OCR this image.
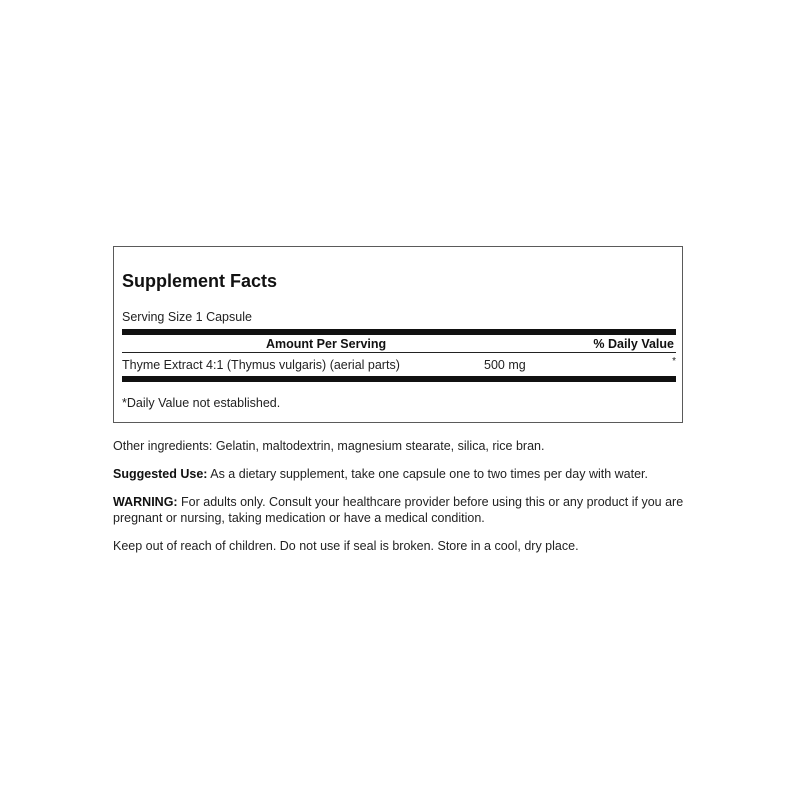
Supplement Facts
Serving Size 1 Capsule
Amount Per Serving	% Daily Value
Thyme Extract 4:1 (Thymus vulgaris) (aerial parts)	500 mg	*
*Daily Value not established.
Other ingredients: Gelatin, maltodextrin, magnesium stearate, silica, rice bran.
Suggested Use: As a dietary supplement, take one capsule one to two times per day with water.
WARNING: For adults only. Consult your healthcare provider before using this or any product if you are pregnant or nursing, taking medication or have a medical condition.
Keep out of reach of children. Do not use if seal is broken. Store in a cool, dry place.
